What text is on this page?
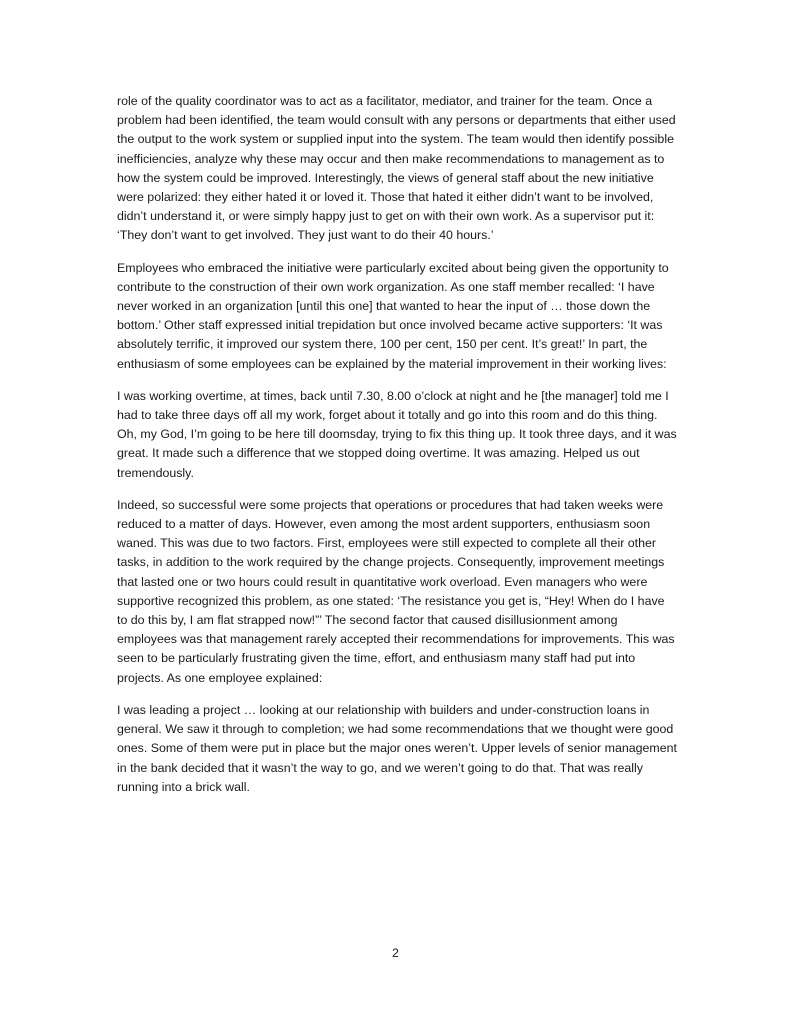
role of the quality coordinator was to act as a facilitator, mediator, and trainer for the team. Once a problem had been identified, the team would consult with any persons or departments that either used the output to the work system or supplied input into the system. The team would then identify possible inefficiencies, analyze why these may occur and then make recommendations to management as to how the system could be improved. Interestingly, the views of general staff about the new initiative were polarized: they either hated it or loved it. Those that hated it either didn’t want to be involved, didn’t understand it, or were simply happy just to get on with their own work. As a supervisor put it: ‘They don’t want to get involved. They just want to do their 40 hours.’

Employees who embraced the initiative were particularly excited about being given the opportunity to contribute to the construction of their own work organization. As one staff member recalled: ‘I have never worked in an organization [until this one] that wanted to hear the input of … those down the bottom.’ Other staff expressed initial trepidation but once involved became active supporters: ‘It was absolutely terrific, it improved our system there, 100 per cent, 150 per cent. It’s great!’ In part, the enthusiasm of some employees can be explained by the material improvement in their working lives:

I was working overtime, at times, back until 7.30, 8.00 o’clock at night and he [the manager] told me I had to take three days off all my work, forget about it totally and go into this room and do this thing. Oh, my God, I’m going to be here till doomsday, trying to fix this thing up. It took three days, and it was great. It made such a difference that we stopped doing overtime. It was amazing. Helped us out tremendously.

Indeed, so successful were some projects that operations or procedures that had taken weeks were reduced to a matter of days. However, even among the most ardent supporters, enthusiasm soon waned. This was due to two factors. First, employees were still expected to complete all their other tasks, in addition to the work required by the change projects. Consequently, improvement meetings that lasted one or two hours could result in quantitative work overload. Even managers who were supportive recognized this problem, as one stated: ‘The resistance you get is, “Hey! When do I have to do this by, I am flat strapped now!”’ The second factor that caused disillusionment among employees was that management rarely accepted their recommendations for improvements. This was seen to be particularly frustrating given the time, effort, and enthusiasm many staff had put into projects. As one employee explained:

I was leading a project … looking at our relationship with builders and under-construction loans in general. We saw it through to completion; we had some recommendations that we thought were good ones. Some of them were put in place but the major ones weren’t. Upper levels of senior management in the bank decided that it wasn’t the way to go, and we weren’t going to do that. That was really running into a brick wall.

2
